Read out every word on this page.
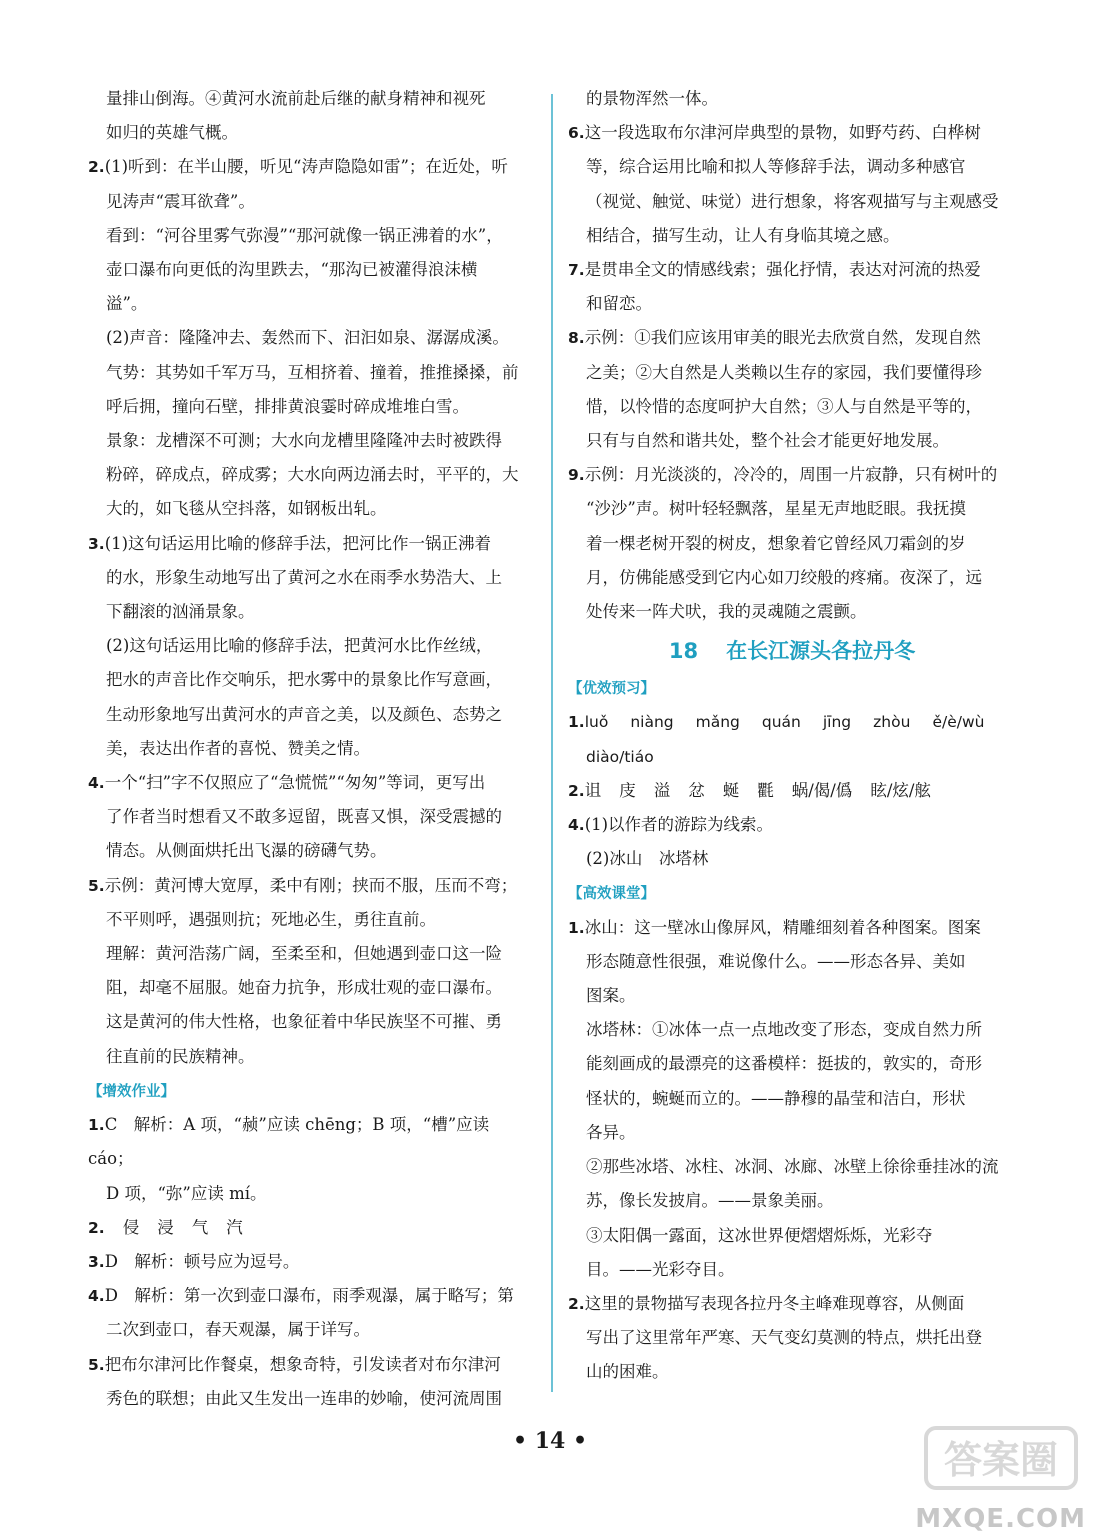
量排山倒海。④黄河水流前赴后继的献身精神和视死

如归的英雄气概。

2.(1)听到：在半山腰，听见“涛声隐隐如雷”；在近处，听

见涛声“震耳欲聋”。

看到：“河谷里雾气弥漫”“那河就像一锅正沸着的水”，

壶口瀑布向更低的沟里跌去，“那沟已被灌得浪沫横

溢”。

(2)声音：隆隆冲去、轰然而下、汩汩如泉、潺潺成溪。

气势：其势如千军万马，互相挤着、撞着，推推搡搡，前

呼后拥，撞向石壁，排排黄浪霎时碎成堆堆白雪。

景象：龙槽深不可测；大水向龙槽里隆隆冲去时被跌得

粉碎，碎成点，碎成雾；大水向两边涌去时，平平的，大

大的，如飞毯从空抖落，如钢板出轧。

3.(1)这句话运用比喻的修辞手法，把河比作一锅正沸着

的水，形象生动地写出了黄河之水在雨季水势浩大、上

下翻滚的汹涌景象。

(2)这句话运用比喻的修辞手法，把黄河水比作丝绒，

把水的声音比作交响乐，把水雾中的景象比作写意画，

生动形象地写出黄河水的声音之美，以及颜色、态势之

美，表达出作者的喜悦、赞美之情。

4.一个“扫”字不仅照应了“急慌慌”“匆匆”等词，更写出

了作者当时想看又不敢多逗留，既喜又惧，深受震撼的

情态。从侧面烘托出飞瀑的磅礴气势。

5.示例：黄河博大宽厚，柔中有刚；挟而不服，压而不弯；

不平则呼，遇强则抗；死地必生，勇往直前。

理解：黄河浩荡广阔，至柔至和，但她遇到壶口这一险

阻，却毫不屈服。她奋力抗争，形成壮观的壶口瀑布。

这是黄河的伟大性格，也象征着中华民族坚不可摧、勇

往直前的民族精神。

【增效作业】

1.C　解析：A 项，“赪”应读 chēng；B 项，“槽”应读 cáo；

D 项，“弥”应读 mí。

2. 侵 浸 气 汽

3.D　解析：顿号应为逗号。

4.D　解析：第一次到壶口瀑布，雨季观瀑，属于略写；第

二次到壶口，春天观瀑，属于详写。

5.把布尔津河比作餐桌，想象奇特，引发读者对布尔津河

秀色的联想；由此又生发出一连串的妙喻，使河流周围

的景物浑然一体。

6.这一段选取布尔津河岸典型的景物，如野芍药、白桦树

等，综合运用比喻和拟人等修辞手法，调动多种感官

（视觉、触觉、味觉）进行想象，将客观描写与主观感受

相结合，描写生动，让人有身临其境之感。

7.是贯串全文的情感线索；强化抒情，表达对河流的热爱

和留恋。

8.示例：①我们应该用审美的眼光去欣赏自然，发现自然

之美；②大自然是人类赖以生存的家园，我们要懂得珍

惜，以怜惜的态度呵护大自然；③人与自然是平等的，

只有与自然和谐共处，整个社会才能更好地发展。

9.示例：月光淡淡的，冷冷的，周围一片寂静，只有树叶的

“沙沙”声。树叶轻轻飘落，星星无声地眨眼。我抚摸

着一棵老树开裂的树皮，想象着它曾经风刀霜剑的岁

月，仿佛能感受到它内心如刀绞般的疼痛。夜深了，远

处传来一阵犬吠，我的灵魂随之震颤。

18 在长江源头各拉丹冬
【优效预习】

1.luǒ niàng mǎng quán jīng zhòu ě/è/wù

diào/tiáo

2.诅 庋 溢 忿 蜒 氍 蜗/偈/僞 眩/炫/舷

4.(1)以作者的游踪为线索。

(2)冰山　冰塔林

【高效课堂】

1.冰山：这一壁冰山像屏风，精雕细刻着各种图案。图案

形态随意性很强，难说像什么。——形态各异、美如

图案。

冰塔林：①冰体一点一点地改变了形态，变成自然力所

能刻画成的最漂亮的这番模样：挺拔的，敦实的，奇形

怪状的，蜿蜒而立的。——静穆的晶莹和洁白，形状

各异。

②那些冰塔、冰柱、冰洞、冰廊、冰壁上徐徐垂挂冰的流

苏，像长发披肩。——景象美丽。

③太阳偶一露面，这冰世界便熠熠烁烁，光彩夺

目。——光彩夺目。

2.这里的景物描写表现各拉丹冬主峰难现尊容，从侧面

写出了这里常年严寒、天气变幻莫测的特点，烘托出登

山的困难。

• 14 •	答案圈
MXQE.COM
